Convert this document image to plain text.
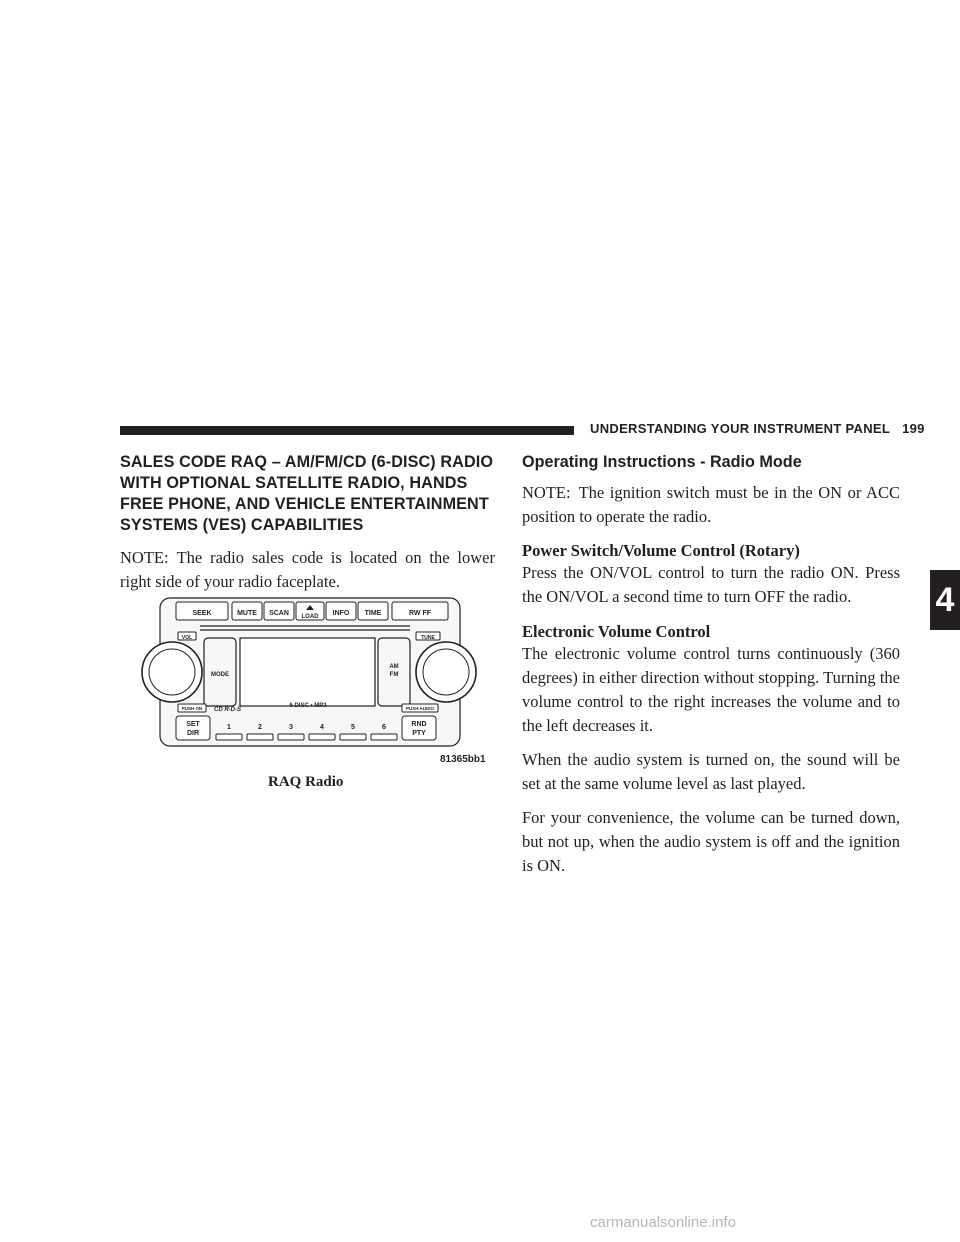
UNDERSTANDING YOUR INSTRUMENT PANEL 199
4
SALES CODE RAQ – AM/FM/CD (6-DISC) RADIO WITH OPTIONAL SATELLITE RADIO, HANDS FREE PHONE, AND VEHICLE ENTERTAINMENT SYSTEMS (VES) CAPABILITIES

NOTE: The radio sales code is located on the lower right side of your radio faceplate.

SEEK	MUTE SCAN LOAD INFO TIME	RW FF
VOL	TUNE
MODE
AM
FM
PUSH ON	PUSH AUDIO
CD R-D-S
6 DISC • MP3
SET
DIR
RND
PTY
1	2	3	4	5	6
81365bb1
RAQ Radio
Operating Instructions - Radio Mode

NOTE: The ignition switch must be in the ON or ACC position to operate the radio.

Power Switch/Volume Control (Rotary)

Press the ON/VOL control to turn the radio ON. Press the ON/VOL a second time to turn OFF the radio.

Electronic Volume Control

The electronic volume control turns continuously (360 degrees) in either direction without stopping. Turning the volume control to the right increases the volume and to the left decreases it.

When the audio system is turned on, the sound will be set at the same volume level as last played.

For your convenience, the volume can be turned down, but not up, when the audio system is off and the ignition is ON.

carmanualsonline.info
